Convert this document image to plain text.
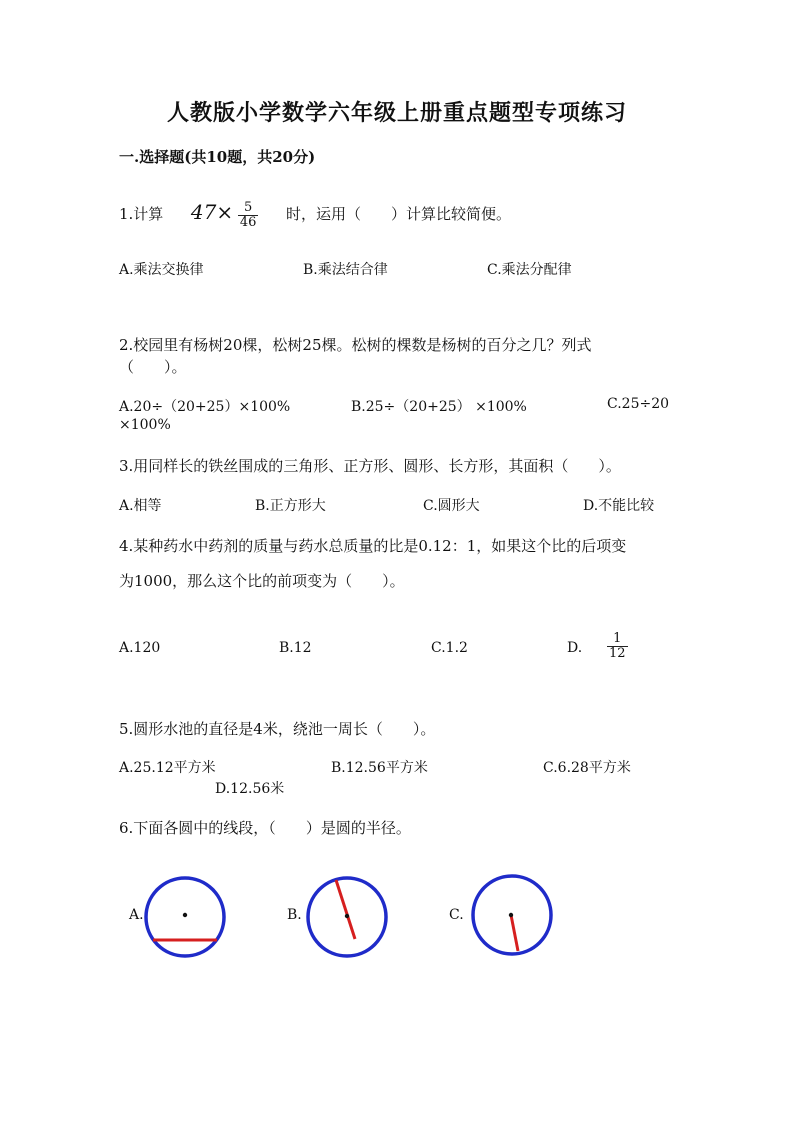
人教版小学数学六年级上册重点题型专项练习
一.选择题(共10题，共20分)
1.计算 $47\times \frac{5}{46}$ 时，运用（　　）计算比较简便。
A.乘法交换律	B.乘法结合律	C.乘法分配律
2.校园里有杨树20棵，松树25棵。松树的棵数是杨树的百分之几？列式
（　　）。
A.20÷（20+25）×100%	B.25÷（20+25） ×100%	C.25÷20
×100%
3.用同样长的铁丝围成的三角形、正方形、圆形、长方形，其面积（　　）。
A.相等	B.正方形大	C.圆形大	D.不能比较
4.某种药水中药剂的质量与药水总质量的比是0.12：1，如果这个比的后项变
为1000，那么这个比的前项变为（　　）。
A.120	B.12	C.1.2	D. $\frac{1}{12}$
5.圆形水池的直径是4米，绕池一周长（　　）。
A.25.12平方米	B.12.56平方米	C.6.28平方米
D.12.56米
6.下面各圆中的线段，（　　）是圆的半径。
A.	B.	C.
